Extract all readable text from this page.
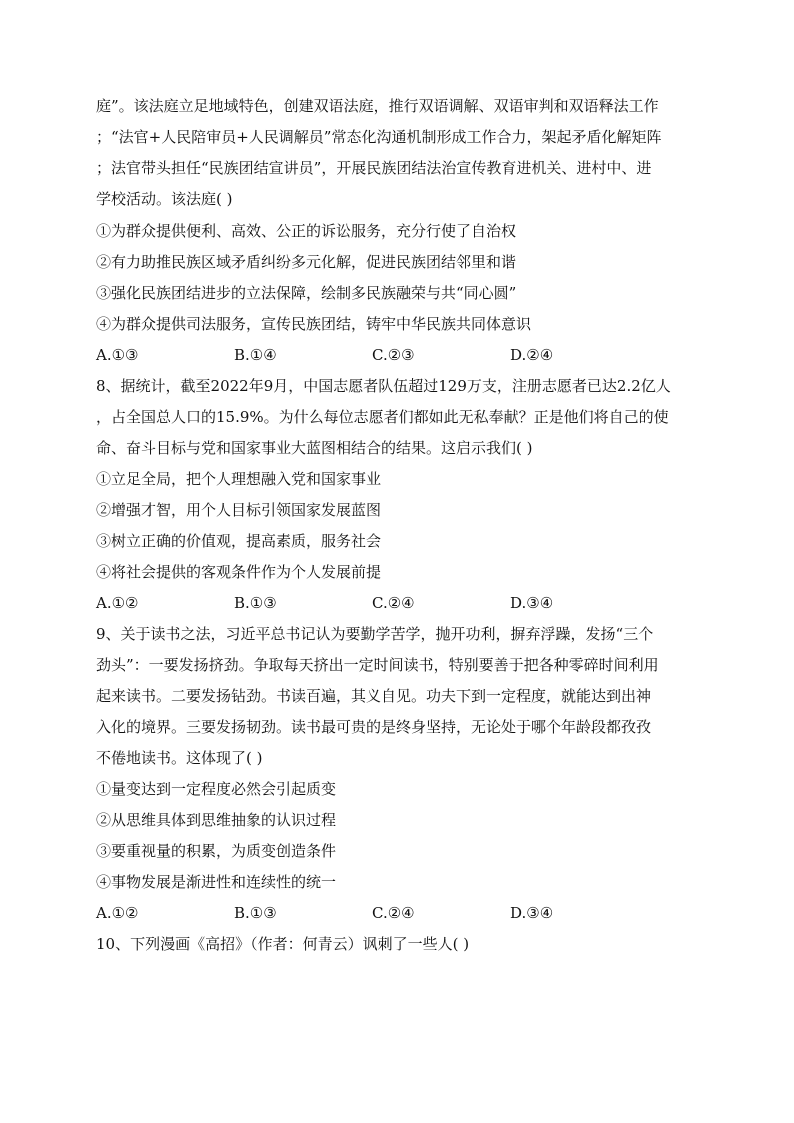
庭”。该法庭立足地域特色，创建双语法庭，推行双语调解、双语审判和双语释法工作
；“法官+人民陪审员+人民调解员”常态化沟通机制形成工作合力，架起矛盾化解矩阵
；法官带头担任“民族团结宣讲员”，开展民族团结法治宣传教育进机关、进村中、进
学校活动。该法庭( )
①为群众提供便利、高效、公正的诉讼服务，充分行使了自治权
②有力助推民族区域矛盾纠纷多元化解，促进民族团结邻里和谐
③强化民族团结进步的立法保障，绘制多民族融荣与共“同心圆”
④为群众提供司法服务，宣传民族团结，铸牢中华民族共同体意识
A.①③	B.①④	C.②③	D.②④
8、据统计，截至2022年9月，中国志愿者队伍超过129万支，注册志愿者已达2.2亿人
，占全国总人口的15.9%。为什么每位志愿者们都如此无私奉献？正是他们将自己的使
命、奋斗目标与党和国家事业大蓝图相结合的结果。这启示我们( )
①立足全局，把个人理想融入党和国家事业
②增强才智，用个人目标引领国家发展蓝图
③树立正确的价值观，提高素质，服务社会
④将社会提供的客观条件作为个人发展前提
A.①②	B.①③	C.②④	D.③④
9、关于读书之法，习近平总书记认为要勤学苦学，抛开功利，摒弃浮躁，发扬“三个
劲头”：一要发扬挤劲。争取每天挤出一定时间读书，特别要善于把各种零碎时间利用
起来读书。二要发扬钻劲。书读百遍，其义自见。功夫下到一定程度，就能达到出神
入化的境界。三要发扬韧劲。读书最可贵的是终身坚持，无论处于哪个年龄段都孜孜
不倦地读书。这体现了( )
①量变达到一定程度必然会引起质变
②从思维具体到思维抽象的认识过程
③要重视量的积累，为质变创造条件
④事物发展是渐进性和连续性的统一
A.①②	B.①③	C.②④	D.③④
10、下列漫画《高招》（作者：何青云）讽刺了一些人( )
